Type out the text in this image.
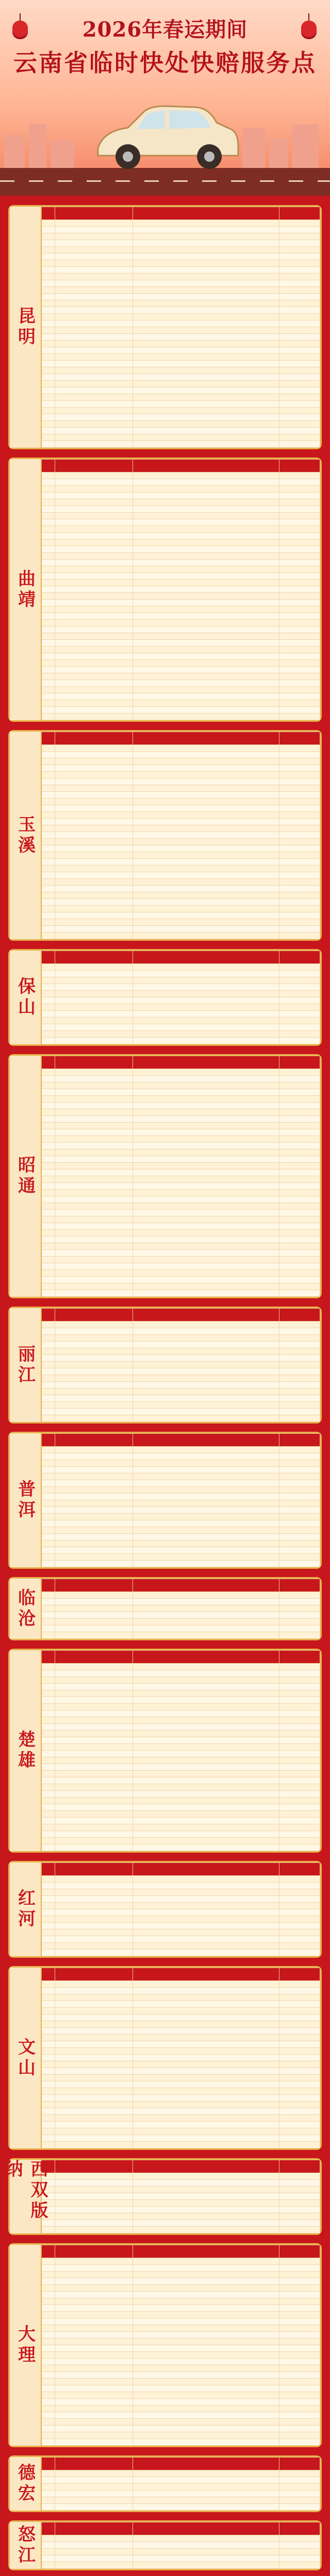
2026年春运期间
云南省临时快处快赔服务点
昆明

曲靖

玉溪

保山

昭通

丽江

普洱

临沧

楚雄

红河

文山

西双版纳

大理

德宏

怒江
